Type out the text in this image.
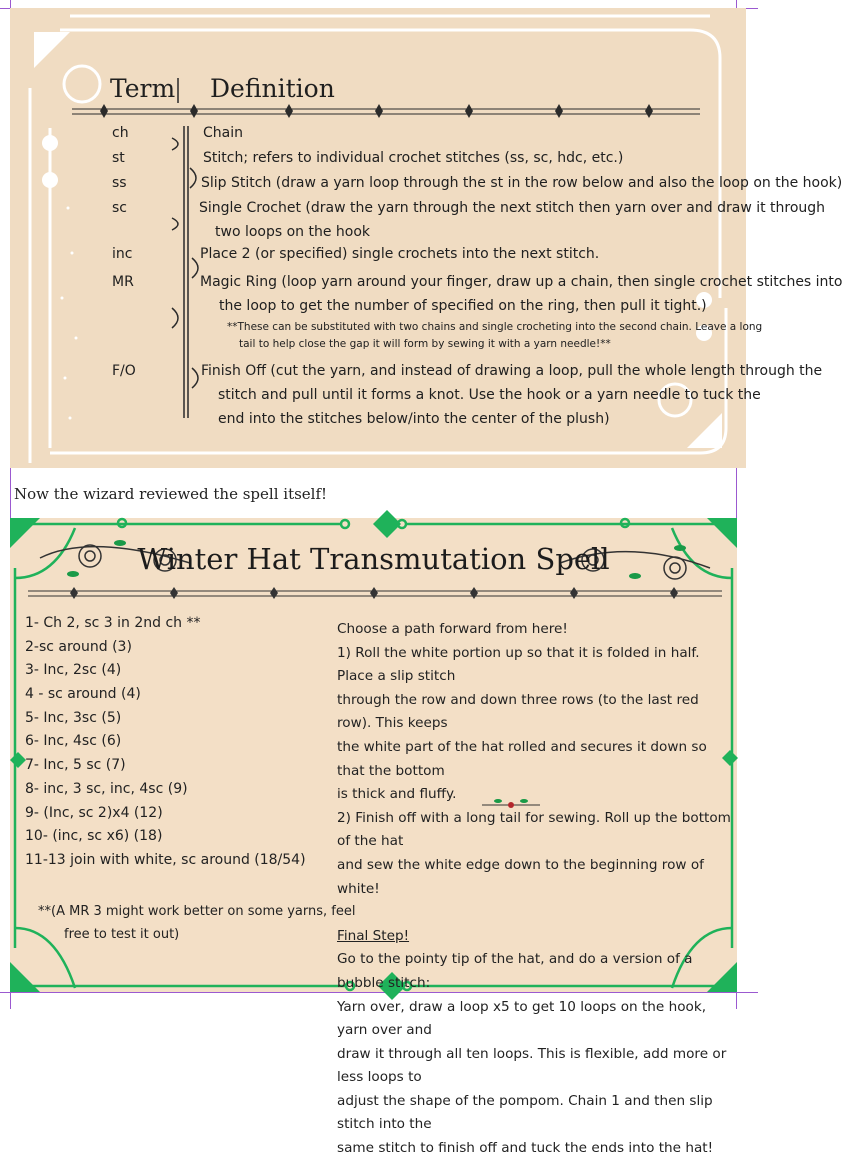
Term Definition
ch	Chain
st	Stitch; refers to individual crochet stitches (ss, sc, hdc, etc.)
ss	Slip Stitch (draw a yarn loop through the st in the row below and also the loop on the hook)
sc	Single Crochet (draw the yarn through the next stitch then yarn over and draw it through
two loops on the hook
inc	Place 2 (or specified) single crochets into the next stitch.
MR	Magic Ring (loop yarn around your finger, draw up a chain, then single crochet stitches into
the loop to get the number of specified on the ring, then pull it tight.)
**These can be substituted with two chains and single crocheting into the second chain. Leave a long
tail to help close the gap it will form by sewing it with a yarn needle!**
F/O	Finish Off (cut the yarn, and instead of drawing a loop, pull the whole length through the
stitch and pull until it forms a knot. Use the hook or a yarn needle to tuck the
end into the stitches below/into the center of the plush)
Now the wizard reviewed the spell itself!
Winter Hat Transmutation Spell
1- Ch 2, sc 3 in 2nd ch **
2-sc around (3)
3- Inc, 2sc (4)
4 - sc around (4)
5- Inc, 3sc (5)
6- Inc, 4sc (6)
7- Inc, 5 sc (7)
8- inc, 3 sc, inc, 4sc (9)
9- (Inc, sc 2)x4 (12)
10- (inc, sc x6) (18)
11-13 join with white, sc around (18/54)
**(A MR 3 might work better on some yarns, feel
free to test it out)

Choose a path forward from here!

1) Roll the white portion up so that it is folded in half. Place a slip stitch

through the row and down three rows (to the last red row). This keeps

the white part of the hat rolled and secures it down so that the bottom

is thick and fluffy.

2) Finish off with a long tail for sewing. Roll up the bottom of the hat

and sew the white edge down to the beginning row of white!

Final Step!

Go to the pointy tip of the hat, and do a version of a bubble stitch:

Yarn over, draw a loop x5 to get 10 loops on the hook, yarn over and

draw it through all ten loops. This is flexible, add more or less loops to

adjust the shape of the pompom. Chain 1 and then slip stitch into the

same stitch to finish off and tuck the ends into the hat!
